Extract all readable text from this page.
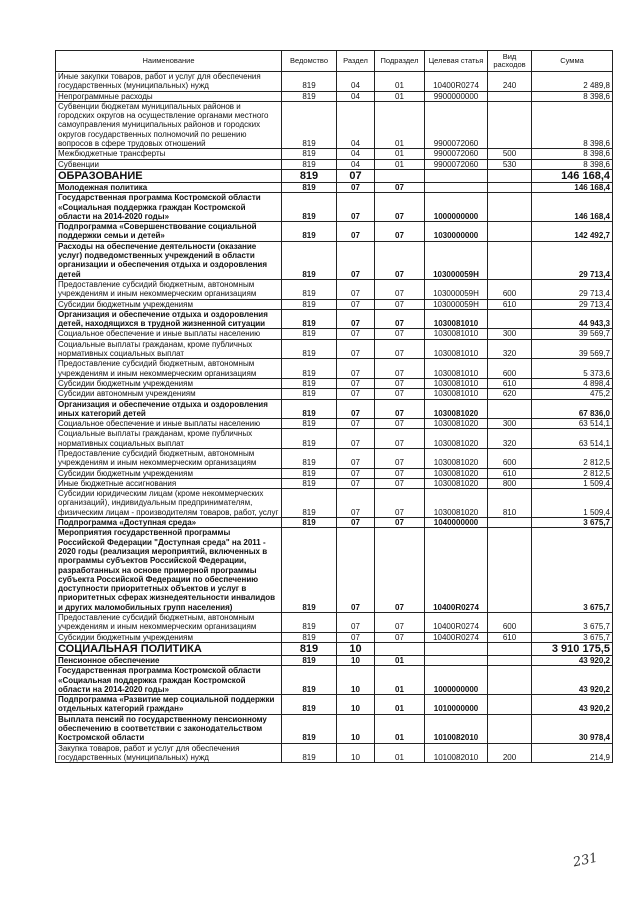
Наименование	Ведомство	Раздел	Подраздел	Целевая статья	Вид расходов	Сумма
Иные закупки товаров, работ и услуг для обеспечения государственных (муниципальных) нужд	819	04	01	10400R0274	240	2 489,8
Непрограммные расходы	819	04	01	9900000000		8 398,6
Субвенции бюджетам муниципальных районов и городских округов на осуществление органами местного самоуправления муниципальных районов и городских округов государственных полномочий по решению вопросов в сфере трудовых отношений	819	04	01	9900072060		8 398,6
Межбюджетные трансферты	819	04	01	9900072060	500	8 398,6
Субвенции	819	04	01	9900072060	530	8 398,6
ОБРАЗОВАНИЕ	819	07				146 168,4
Молодежная политика	819	07	07			146 168,4
Государственная программа Костромской области «Социальная поддержка граждан Костромской области на 2014-2020 годы»	819	07	07	1000000000		146 168,4
Подпрограмма «Совершенствование социальной поддержки семьи и детей»	819	07	07	1030000000		142 492,7
Расходы на обеспечение деятельности (оказание услуг) подведомственных учреждений в области организации и обеспечения отдыха и оздоровления детей	819	07	07	103000059H		29 713,4
Предоставление субсидий бюджетным, автономным учреждениям и иным некоммерческим организациям	819	07	07	103000059H	600	29 713,4
Субсидии бюджетным учреждениям	819	07	07	103000059H	610	29 713,4
Организация и обеспечение отдыха и оздоровления детей, находящихся в трудной жизненной ситуации	819	07	07	1030081010		44 943,3
Социальное обеспечение и иные выплаты населению	819	07	07	1030081010	300	39 569,7
Социальные выплаты гражданам, кроме публичных нормативных социальных выплат	819	07	07	1030081010	320	39 569,7
Предоставление субсидий бюджетным, автономным учреждениям и иным некоммерческим организациям	819	07	07	1030081010	600	5 373,6
Субсидии бюджетным учреждениям	819	07	07	1030081010	610	4 898,4
Субсидии автономным учреждениям	819	07	07	1030081010	620	475,2
Организация и обеспечение отдыха и оздоровления иных категорий детей	819	07	07	1030081020		67 836,0
Социальное обеспечение и иные выплаты населению	819	07	07	1030081020	300	63 514,1
Социальные выплаты гражданам, кроме публичных нормативных социальных выплат	819	07	07	1030081020	320	63 514,1
Предоставление субсидий бюджетным, автономным учреждениям и иным некоммерческим организациям	819	07	07	1030081020	600	2 812,5
Субсидии бюджетным учреждениям	819	07	07	1030081020	610	2 812,5
Иные бюджетные ассигнования	819	07	07	1030081020	800	1 509,4
Субсидии юридическим лицам (кроме некоммерческих организаций), индивидуальным предпринимателям, физическим лицам - производителям товаров, работ, услуг	819	07	07	1030081020	810	1 509,4
Подпрограмма «Доступная среда»	819	07	07	1040000000		3 675,7
Мероприятия государственной программы Российской Федерации "Доступная среда" на 2011 - 2020 годы (реализация мероприятий, включенных в программы субъектов Российской Федерации, разработанных на основе примерной программы субъекта Российской Федерации по обеспечению доступности приоритетных объектов и услуг в приоритетных сферах жизнедеятельности инвалидов и других маломобильных групп населения)	819	07	07	10400R0274		3 675,7
Предоставление субсидий бюджетным, автономным учреждениям и иным некоммерческим организациям	819	07	07	10400R0274	600	3 675,7
Субсидии бюджетным учреждениям	819	07	07	10400R0274	610	3 675,7
СОЦИАЛЬНАЯ ПОЛИТИКА	819	10				3 910 175,5
Пенсионное обеспечение	819	10	01			43 920,2
Государственная программа Костромской области «Социальная поддержка граждан Костромской области на 2014-2020 годы»	819	10	01	1000000000		43 920,2
Подпрограмма «Развитие мер социальной поддержки отдельных категорий граждан»	819	10	01	1010000000		43 920,2
Выплата пенсий по государственному пенсионному обеспечению в соответствии с законодательством Костромской области	819	10	01	1010082010		30 978,4
Закупка товаров, работ и услуг для обеспечения государственных (муниципальных) нужд	819	10	01	1010082010	200	214,9
231
